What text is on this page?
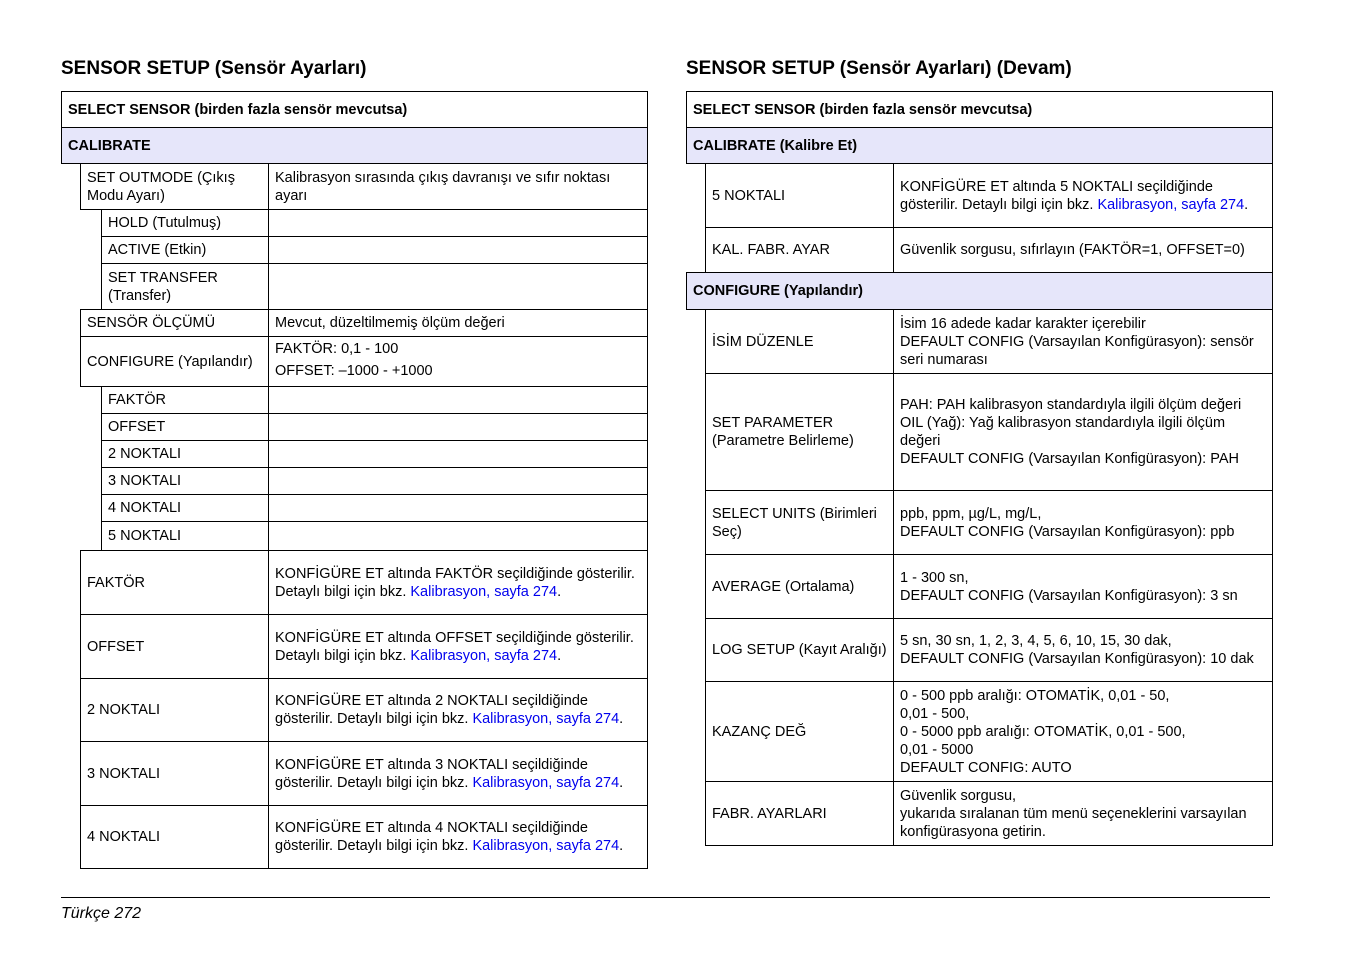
SENSOR SETUP (Sensör Ayarları)
SELECT SENSOR (birden fazla sensör mevcutsa)
CALIBRATE
SET OUTMODE (Çıkış Modu Ayarı)
Kalibrasyon sırasında çıkış davranışı ve sıfır noktası ayarı
HOLD (Tutulmuş)
ACTIVE (Etkin)
SET TRANSFER (Transfer)
SENSÖR ÖLÇÜMÜ	Mevcut, düzeltilmemiş ölçüm değeri
CONFIGURE (Yapılandır)
FAKTÖR: 0,1 - 100
OFFSET: –1000 - +1000
FAKTÖR
OFFSET
2 NOKTALI
3 NOKTALI
4 NOKTALI
5 NOKTALI
FAKTÖR
KONFİGÜRE ET altında FAKTÖR seçildiğinde gösterilir. Detaylı bilgi için bkz. Kalibrasyon, sayfa 274.
OFFSET
KONFİGÜRE ET altında OFFSET seçildiğinde gösterilir. Detaylı bilgi için bkz. Kalibrasyon, sayfa 274.
2 NOKTALI
KONFİGÜRE ET altında 2 NOKTALI seçildiğinde gösterilir. Detaylı bilgi için bkz. Kalibrasyon, sayfa 274.
3 NOKTALI
KONFİGÜRE ET altında 3 NOKTALI seçildiğinde gösterilir. Detaylı bilgi için bkz. Kalibrasyon, sayfa 274.
4 NOKTALI
KONFİGÜRE ET altında 4 NOKTALI seçildiğinde gösterilir. Detaylı bilgi için bkz. Kalibrasyon, sayfa 274.
SENSOR SETUP (Sensör Ayarları) (Devam)
SELECT SENSOR (birden fazla sensör mevcutsa)
CALIBRATE (Kalibre Et)
5 NOKTALI
KONFİGÜRE ET altında 5 NOKTALI seçildiğinde gösterilir. Detaylı bilgi için bkz. Kalibrasyon, sayfa 274.
KAL. FABR. AYAR	Güvenlik sorgusu, sıfırlayın (FAKTÖR=1, OFFSET=0)
CONFIGURE (Yapılandır)
İSİM DÜZENLE
İsim 16 adede kadar karakter içerebilir
DEFAULT CONFIG (Varsayılan Konfigürasyon): sensör seri numarası
SET PARAMETER (Parametre Belirleme)
PAH: PAH kalibrasyon standardıyla ilgili ölçüm değeri
OIL (Yağ): Yağ kalibrasyon standardıyla ilgili ölçüm değeri
DEFAULT CONFIG (Varsayılan Konfigürasyon): PAH
SELECT UNITS (Birimleri Seç)
ppb, ppm, µg/L, mg/L,
DEFAULT CONFIG (Varsayılan Konfigürasyon): ppb
AVERAGE (Ortalama)
1 - 300 sn,
DEFAULT CONFIG (Varsayılan Konfigürasyon): 3 sn
LOG SETUP (Kayıt Aralığı)
5 sn, 30 sn, 1, 2, 3, 4, 5, 6, 10, 15, 30 dak,
DEFAULT CONFIG (Varsayılan Konfigürasyon): 10 dak
KAZANÇ DEĞ
0 - 500 ppb aralığı: OTOMATİK, 0,01 - 50,
0,01 - 500,
0 - 5000 ppb aralığı: OTOMATİK, 0,01 - 500,
0,01 - 5000
DEFAULT CONFIG: AUTO
FABR. AYARLARI
Güvenlik sorgusu,
yukarıda sıralanan tüm menü seçeneklerini varsayılan konfigürasyona getirin.
Türkçe 272
